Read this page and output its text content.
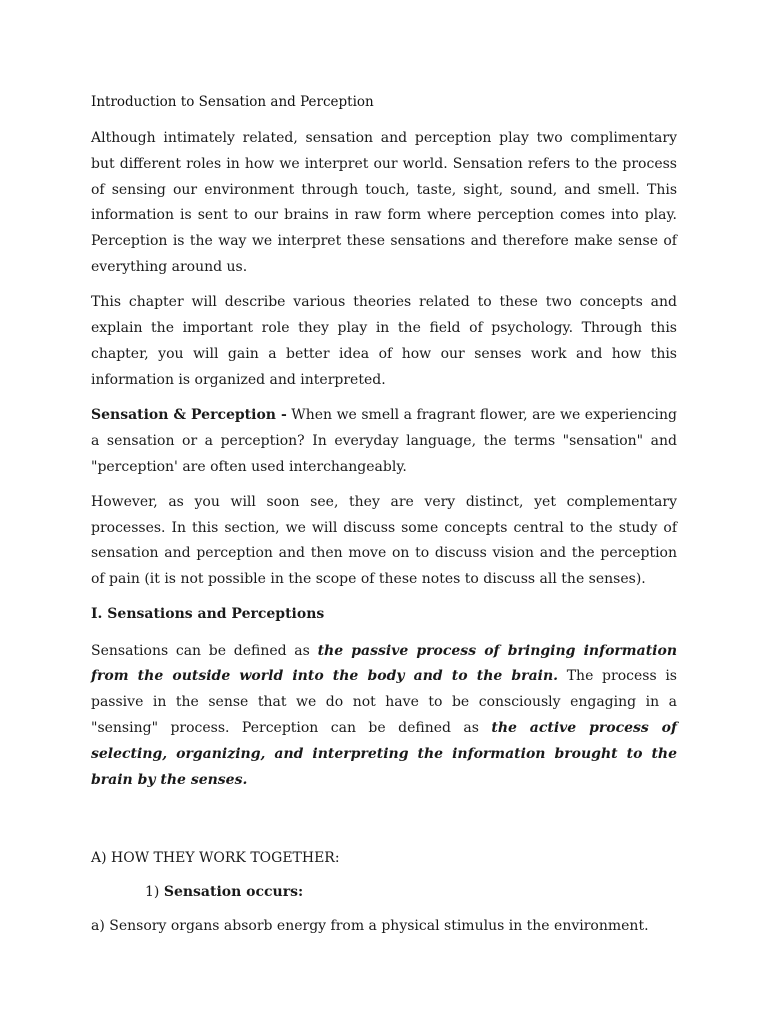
Introduction to Sensation and Perception

Although intimately related, sensation and perception play two complimentary but different roles in how we interpret our world. Sensation refers to the process of sensing our environment through touch, taste, sight, sound, and smell. This information is sent to our brains in raw form where perception comes into play. Perception is the way we interpret these sensations and therefore make sense of everything around us.

This chapter will describe various theories related to these two concepts and explain the important role they play in the field of psychology. Through this chapter, you will gain a better idea of how our senses work and how this information is organized and interpreted.

Sensation & Perception - When we smell a fragrant flower, are we experiencing a sensation or a perception? In everyday language, the terms "sensation" and "perception' are often used interchangeably.

However, as you will soon see, they are very distinct, yet complementary processes. In this section, we will discuss some concepts central to the study of sensation and perception and then move on to discuss vision and the perception of pain (it is not possible in the scope of these notes to discuss all the senses).

I. Sensations and Perceptions

Sensations can be defined as the passive process of bringing information from the outside world into the body and to the brain. The process is passive in the sense that we do not have to be consciously engaging in a "sensing" process. Perception can be defined as the active process of selecting, organizing, and interpreting the information brought to the brain by the senses.

A) HOW THEY WORK TOGETHER:

1) Sensation occurs:

a) Sensory organs absorb energy from a physical stimulus in the environment.
